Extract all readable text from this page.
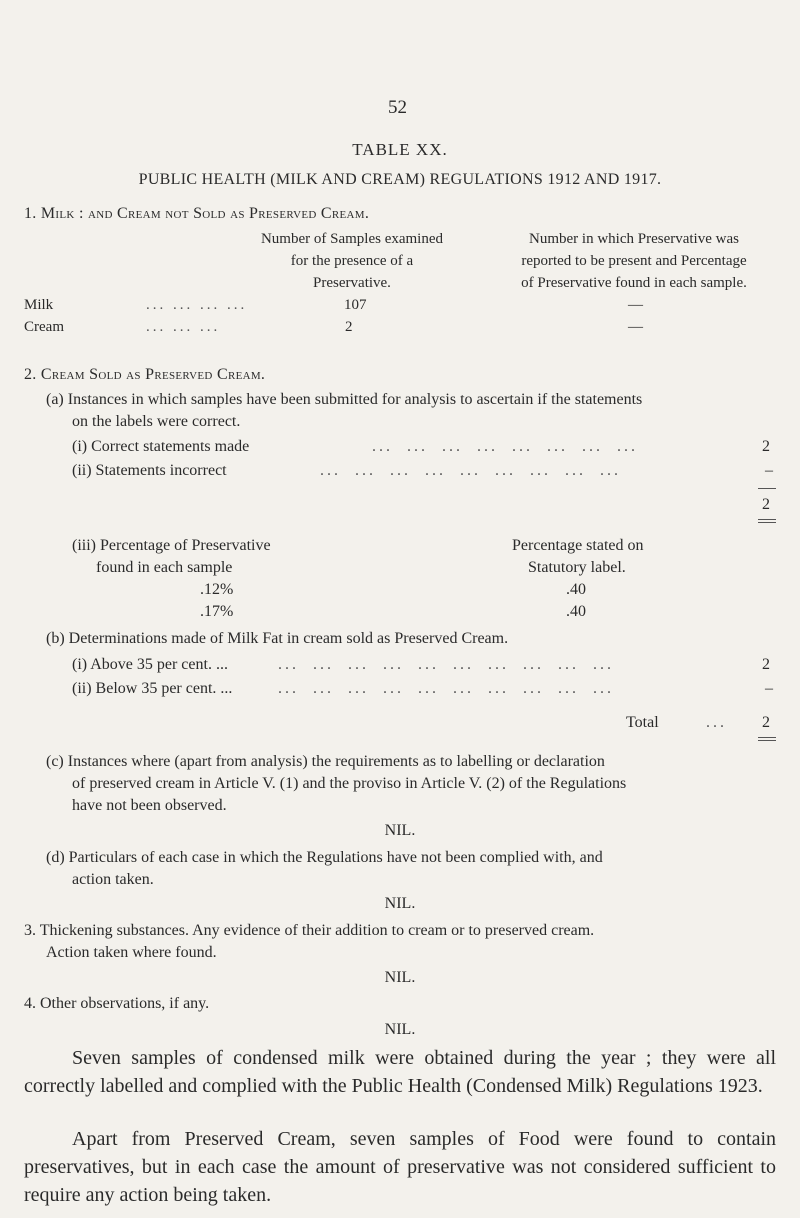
52
TABLE XX.
PUBLIC HEALTH (MILK AND CREAM) REGULATIONS 1912 AND 1917.
1. Milk : and Cream not Sold as Preserved Cream.
Number of Samples examined
for the presence of a
Preservative.
Number in which Preservative was
reported to be present and Percentage
of Preservative found in each sample.
Milk	... ... ... ...	107	—
Cream	... ... ...	2	—
2. Cream Sold as Preserved Cream.
(a) Instances in which samples have been submitted for analysis to ascertain if the statements
on the labels were correct.
(i) Correct statements made	...  ...  ...  ...  ...  ...  ...  ...	2
(ii) Statements incorrect	...  ...  ...  ...  ...  ...  ...  ...  ...	–
2
(iii) Percentage of Preservative
found in each sample
Percentage stated on
Statutory label.
.12%	.40
.17%	.40
(b) Determinations made of Milk Fat in cream sold as Preserved Cream.
(i) Above 35 per cent. ...	...  ...  ...  ...  ...  ...  ...  ...  ...  ...	2
(ii) Below 35 per cent. ...	...  ...  ...  ...  ...  ...  ...  ...  ...  ...	–
Total	... 2
(c) Instances where (apart from analysis) the requirements as to labelling or declaration
of preserved cream in Article V. (1) and the proviso in Article V. (2) of the Regulations
have not been observed.
NIL.
(d) Particulars of each case in which the Regulations have not been complied with, and
action taken.
NIL.
3. Thickening substances. Any evidence of their addition to cream or to preserved cream.
Action taken where found.
NIL.
4. Other observations, if any.
NIL.
Seven samples of condensed milk were obtained during the year ; they were all correctly labelled and complied with the Public Health (Condensed Milk) Regulations 1923.
Apart from Preserved Cream, seven samples of Food were found to contain preservatives, but in each case the amount of preservative was not considered sufficient to require any action being taken.
